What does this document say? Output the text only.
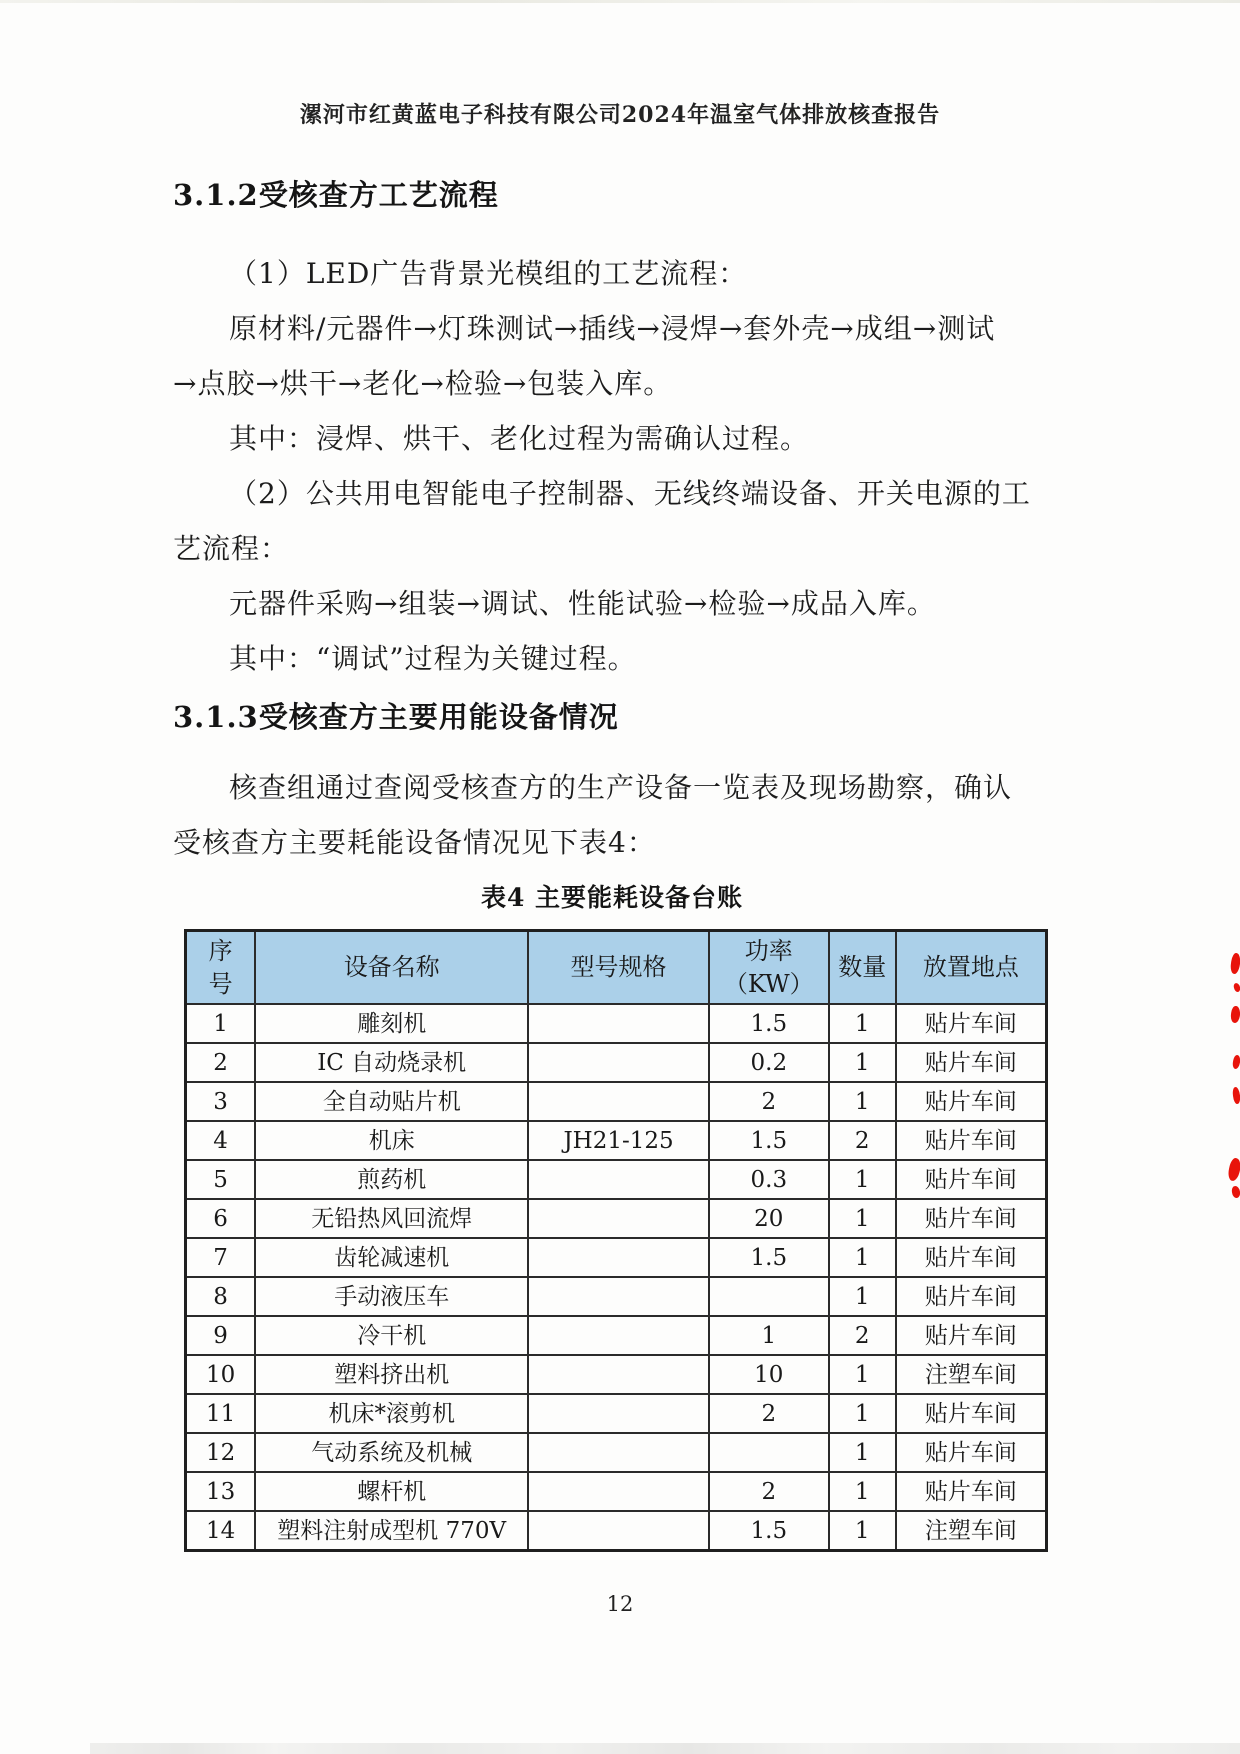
漯河市红黄蓝电子科技有限公司2024年温室气体排放核查报告
3.1.2受核查方工艺流程
（1）LED广告背景光模组的工艺流程：
原材料/元器件→灯珠测试→插线→浸焊→套外壳→成组→测试
→点胶→烘干→老化→检验→包装入库。
其中：浸焊、烘干、老化过程为需确认过程。
（2）公共用电智能电子控制器、无线终端设备、开关电源的工
艺流程：
元器件采购→组装→调试、性能试验→检验→成品入库。
其中：“调试”过程为关键过程。
3.1.3受核查方主要用能设备情况
核查组通过查阅受核查方的生产设备一览表及现场勘察，确认
受核查方主要耗能设备情况见下表4：
表4 主要能耗设备台账
序号	设备名称	型号规格	功率（KW）	数量	放置地点
1	雕刻机		1.5	1	贴片车间
2	IC 自动烧录机		0.2	1	贴片车间
3	全自动贴片机		2	1	贴片车间
4	机床	JH21-125	1.5	2	贴片车间
5	煎药机		0.3	1	贴片车间
6	无铅热风回流焊		20	1	贴片车间
7	齿轮减速机		1.5	1	贴片车间
8	手动液压车			1	贴片车间
9	冷干机		1	2	贴片车间
10	塑料挤出机		10	1	注塑车间
11	机床*滚剪机		2	1	贴片车间
12	气动系统及机械			1	贴片车间
13	螺杆机		2	1	贴片车间
14	塑料注射成型机 770V		1.5	1	注塑车间
12
